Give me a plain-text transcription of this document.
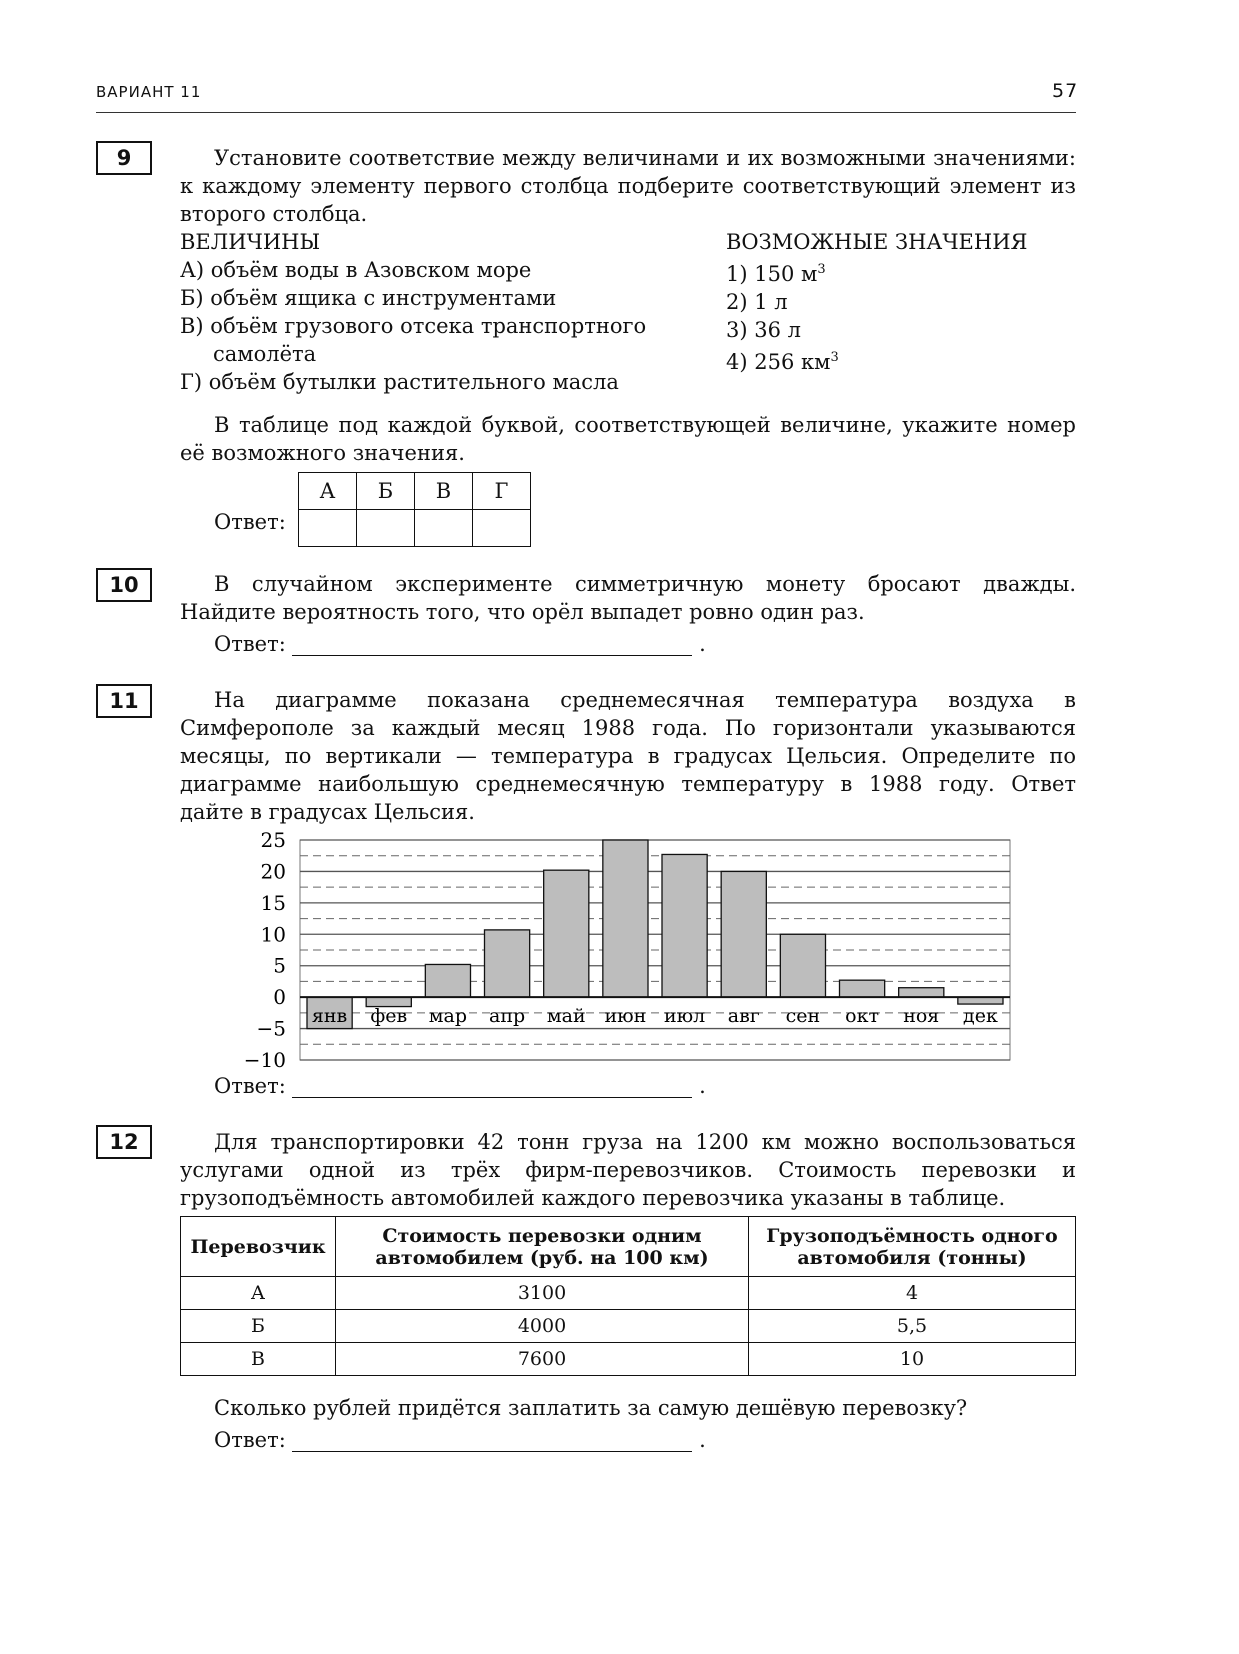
ВАРИАНТ 11	57
9	Установите соответствие между величинами и их возможными значениями: к каждому элементу первого столбца подберите соответствующий элемент из второго столбца.
ВЕЛИЧИНЫ
А) объём воды в Азовском море
Б) объём ящика с инструментами
В) объём грузового отсека транспортного самолёта
Г) объём бутылки растительного масла
ВОЗМОЖНЫЕ ЗНАЧЕНИЯ
1) 150 $м^3$
2) 1 л
3) 36 л
4) 256 $км^3$
В таблице под каждой буквой, соответствующей величине, укажите номер её возможного значения.
Ответ:
А	Б	В	Г

10	В случайном эксперименте симметричную монету бросают дважды. Найдите вероятность того, что орёл выпадет ровно один раз.
Ответ:	.
11	На диаграмме показана среднемесячная температура воздуха в Симферополе за каждый месяц 1988 года. По горизонтали указываются месяцы, по вертикали — температура в градусах Цельсия. Определите по диаграмме наибольшую среднемесячную температуру в 1988 году. Ответ дайте в градусах Цельсия.
25
20
15
10
5
0
−5
−10
янв фев мар апр май июн июл авг сен окт ноя дек
Ответ:	.
12	Для транспортировки 42 тонн груза на 1200 км можно воспользоваться услугами одной из трёх фирм-перевозчиков. Стоимость перевозки и грузоподъёмность автомобилей каждого перевозчика указаны в таблице.
Перевозчик	Стоимость перевозки одним автомобилем (руб. на 100 км)	Грузоподъёмность одного автомобиля (тонны)
А	3100	4
Б	4000	5,5
В	7600	10
Сколько рублей придётся заплатить за самую дешёвую перевозку?
Ответ:	.
